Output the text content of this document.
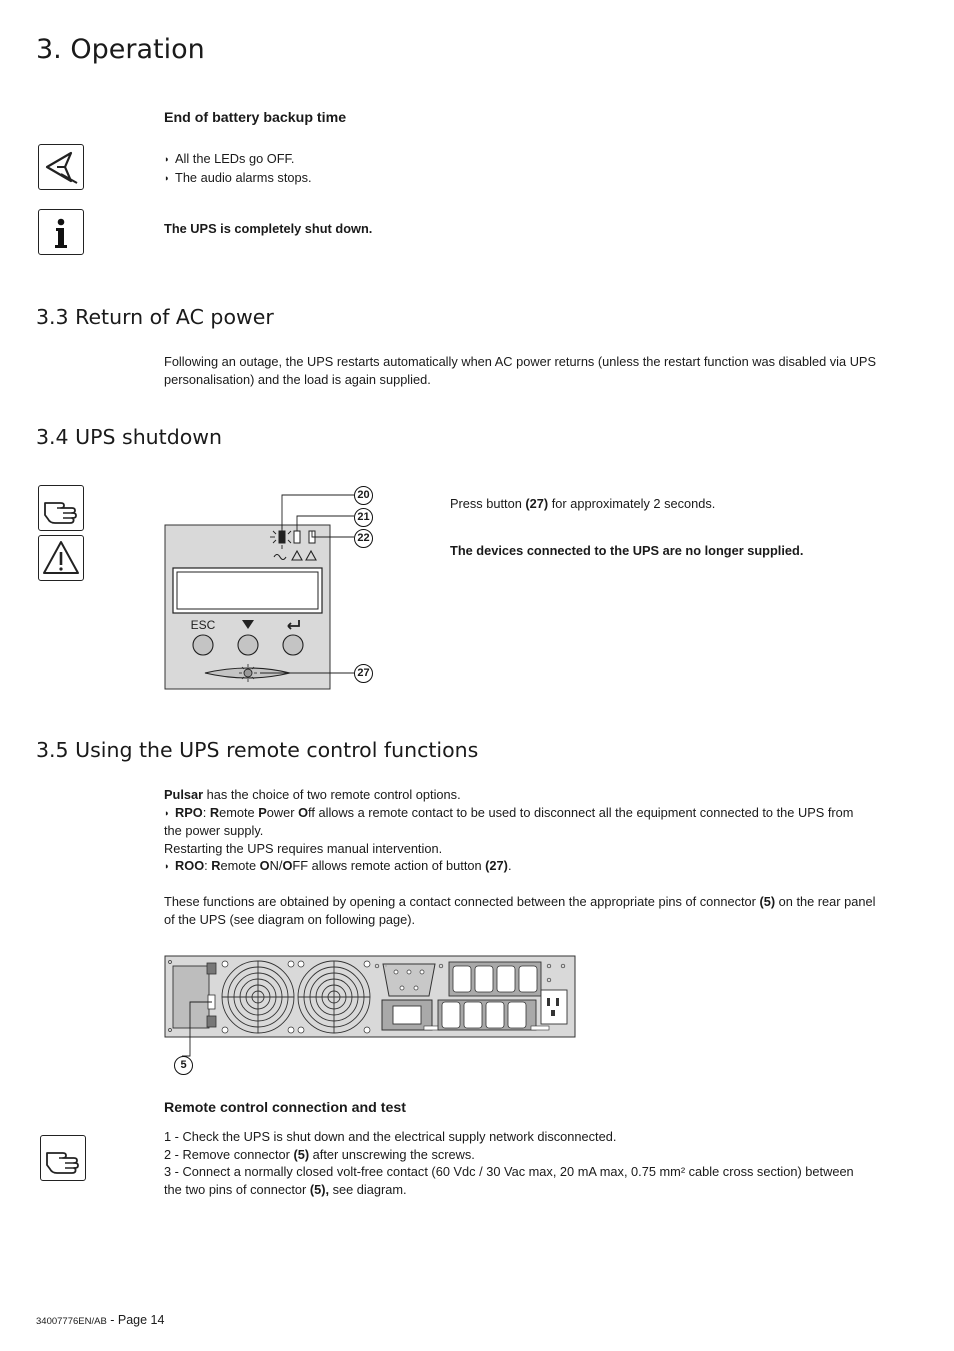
3. Operation
End of battery backup time
◗ All the LEDs go OFF.
◗ The audio alarms stops.
The UPS is completely shut down.
3.3 Return of AC power
Following an outage, the UPS restarts automatically when AC power returns (unless the restart function was disabled via UPS
personalisation) and the load is again supplied.
3.4 UPS shutdown
ESC
20
21
22
27
Press button (27) for approximately 2 seconds.
The devices connected to the UPS are no longer supplied.
3.5 Using the UPS remote control functions
Pulsar has the choice of two remote control options.
◗ RPO: Remote Power Off allows a remote contact to be used to disconnect all the equipment connected to the UPS from
the power supply.
Restarting the UPS requires manual intervention.
◗ ROO: Remote ON/OFF allows remote action of button (27).
These functions are obtained by opening a contact connected between the appropriate pins of connector (5) on the rear panel
of the UPS (see diagram on following page).
5
Remote control connection and test
1 - Check the UPS is shut down and the electrical supply network disconnected.
2 - Remove connector (5) after unscrewing the screws.
3 - Connect a normally closed volt-free contact (60 Vdc / 30 Vac max, 20 mA max, 0.75 mm² cable cross section) between
the two pins of connector (5), see diagram.
34007776EN/AB - Page 14
